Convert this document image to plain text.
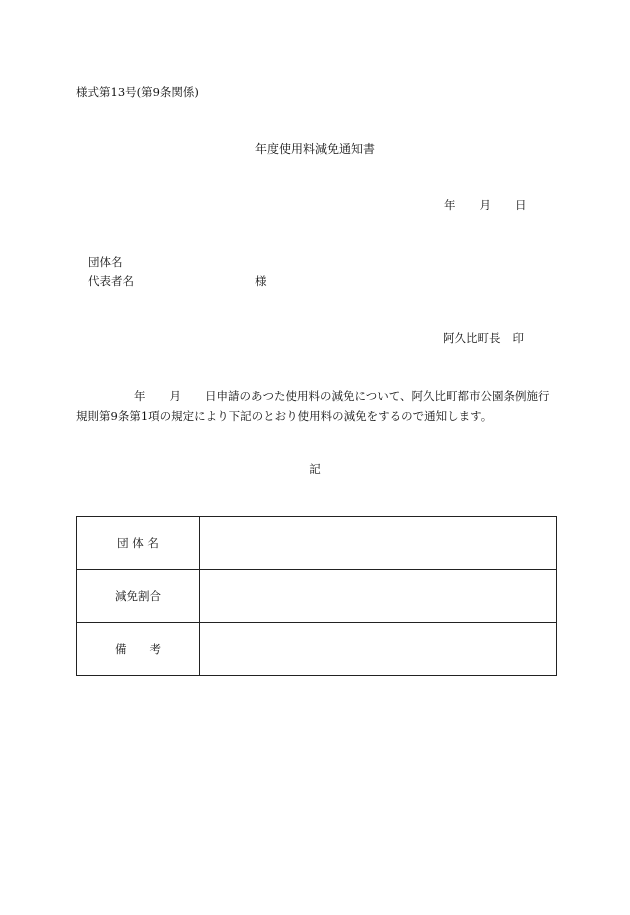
様式第13号(第9条関係)
年度使用料減免通知書
年 月 日
団体名
代表者名	様
阿久比町長 印
年 月 日申請のあつた使用料の減免について、阿久比町都市公園条例施行規則第9条第1項の規定により下記のとおり使用料の減免をするので通知します。
記
団 体 名	
減免割合	
備　　考	
